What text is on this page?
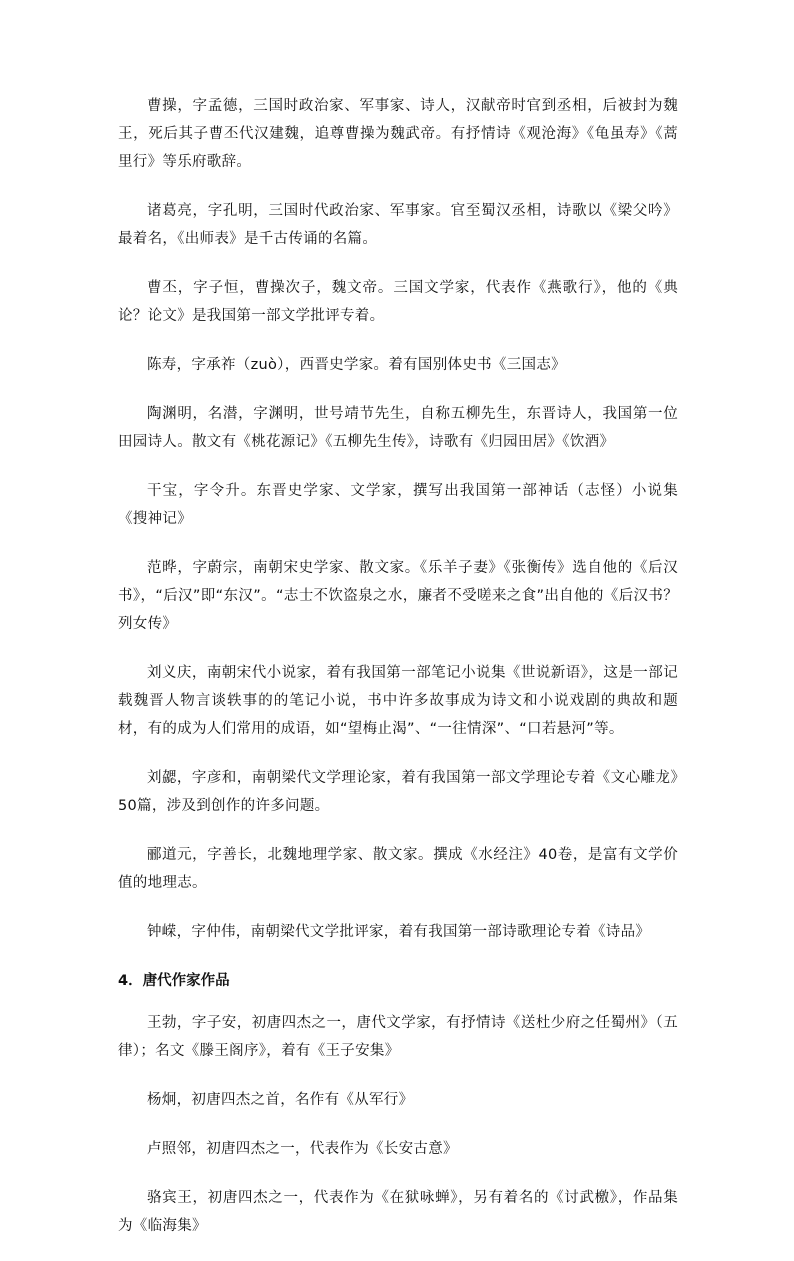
曹操，字孟德，三国时政治家、军事家、诗人，汉献帝时官到丞相，后被封为魏王，死后其子曹丕代汉建魏，追尊曹操为魏武帝。有抒情诗《观沧海》《龟虽寿》《蒿里行》等乐府歌辞。

诸葛亮，字孔明，三国时代政治家、军事家。官至蜀汉丞相，诗歌以《梁父吟》最着名，《出师表》是千古传诵的名篇。

曹丕，字子恒，曹操次子，魏文帝。三国文学家，代表作《燕歌行》，他的《典论？论文》是我国第一部文学批评专着。

陈寿，字承祚（zuò），西晋史学家。着有国别体史书《三国志》

陶渊明，名潜，字渊明，世号靖节先生，自称五柳先生，东晋诗人，我国第一位田园诗人。散文有《桃花源记》《五柳先生传》，诗歌有《归园田居》《饮酒》

干宝，字令升。东晋史学家、文学家，撰写出我国第一部神话（志怪）小说集《搜神记》

范晔，字蔚宗，南朝宋史学家、散文家。《乐羊子妻》《张衡传》选自他的《后汉书》，“后汉”即“东汉”。“志士不饮盗泉之水，廉者不受嗟来之食”出自他的《后汉书？列女传》

刘义庆，南朝宋代小说家，着有我国第一部笔记小说集《世说新语》，这是一部记载魏晋人物言谈轶事的的笔记小说，书中许多故事成为诗文和小说戏剧的典故和题材，有的成为人们常用的成语，如“望梅止渴”、“一往情深”、“口若悬河”等。

刘勰，字彦和，南朝梁代文学理论家，着有我国第一部文学理论专着《文心雕龙》50篇，涉及到创作的许多问题。

郦道元，字善长，北魏地理学家、散文家。撰成《水经注》40卷，是富有文学价值的地理志。

钟嵘，字仲伟，南朝梁代文学批评家，着有我国第一部诗歌理论专着《诗品》

4．唐代作家作品

王勃，字子安，初唐四杰之一，唐代文学家，有抒情诗《送杜少府之任蜀州》（五律）；名文《滕王阁序》，着有《王子安集》

杨炯，初唐四杰之首，名作有《从军行》

卢照邻，初唐四杰之一，代表作为《长安古意》

骆宾王，初唐四杰之一，代表作为《在狱咏蝉》，另有着名的《讨武檄》，作品集为《临海集》
